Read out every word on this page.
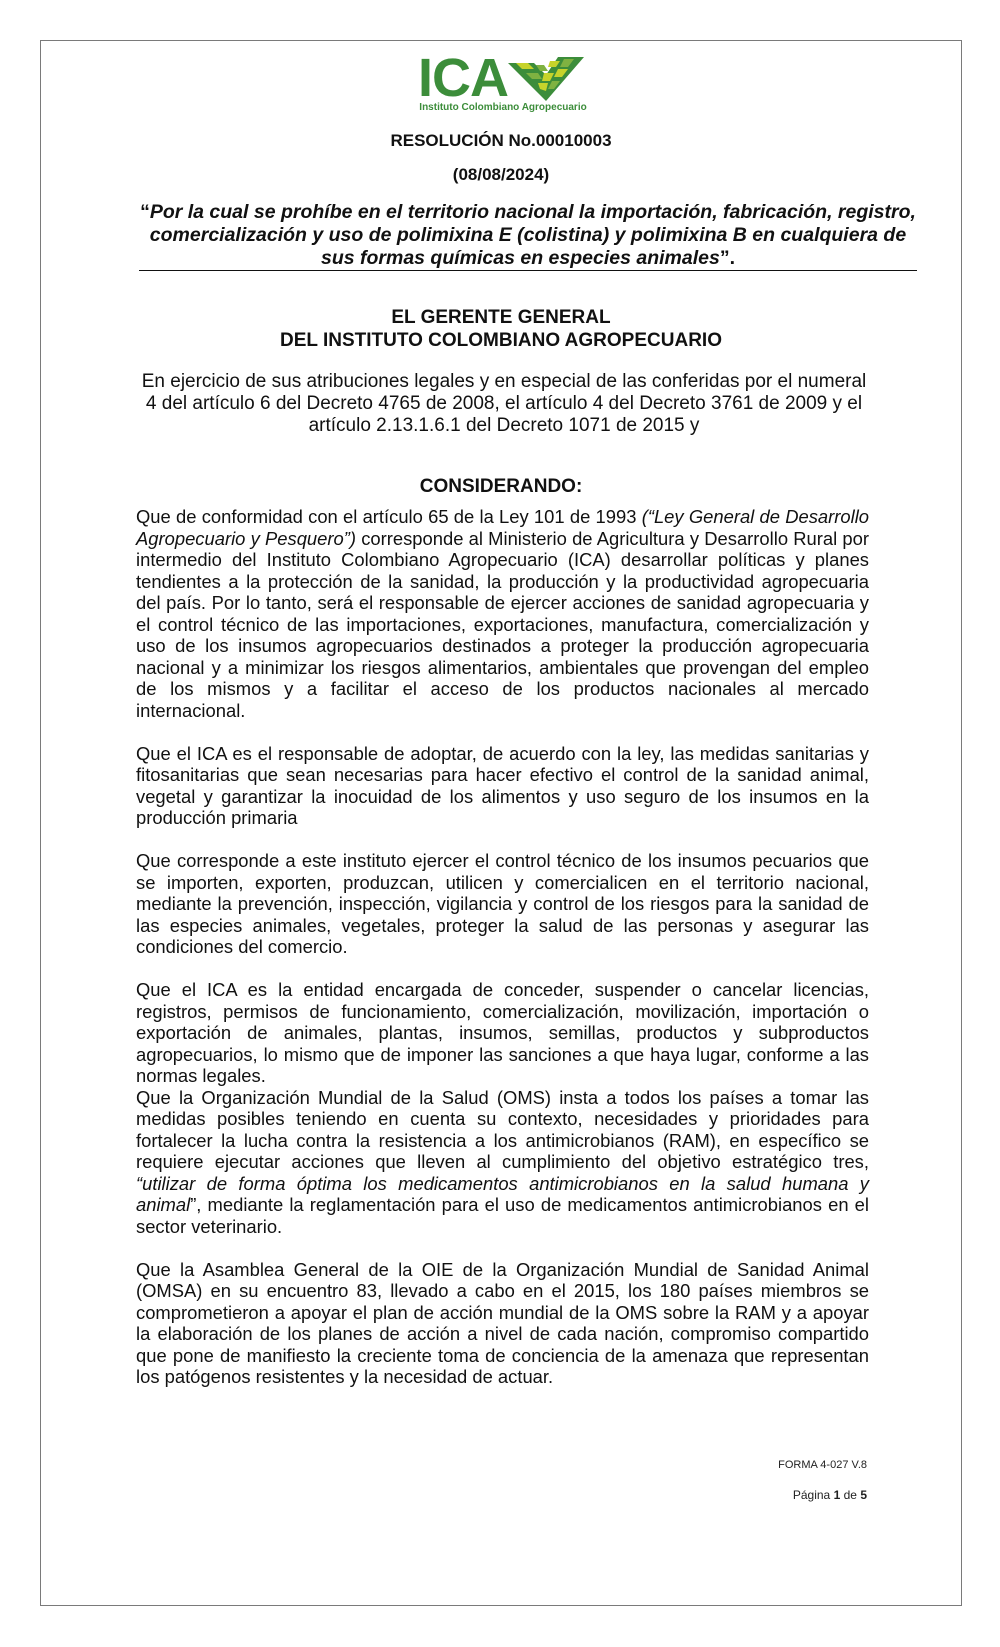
ICA
Instituto Colombiano Agropecuario
RESOLUCIÓN No.00010003
(08/08/2024)
“Por la cual se prohíbe en el territorio nacional la importación, fabricación, registro, comercialización y uso de polimixina E (colistina) y polimixina B en cualquiera de sus formas químicas en especies animales”.
EL GERENTE GENERAL
DEL INSTITUTO COLOMBIANO AGROPECUARIO
En ejercicio de sus atribuciones legales y en especial de las conferidas por el numeral 4 del artículo 6 del Decreto 4765 de 2008, el artículo 4 del Decreto 3761 de 2009 y el artículo 2.13.1.6.1 del Decreto 1071 de 2015 y
CONSIDERANDO:

Que de conformidad con el artículo 65 de la Ley 101 de 1993 (“Ley General de Desarrollo Agropecuario y Pesquero”) corresponde al Ministerio de Agricultura y Desarrollo Rural por intermedio del Instituto Colombiano Agropecuario (ICA) desarrollar políticas y planes tendientes a la protección de la sanidad, la producción y la productividad agropecuaria del país. Por lo tanto, será el responsable de ejercer acciones de sanidad agropecuaria y el control técnico de las importaciones, exportaciones, manufactura, comercialización y uso de los insumos agropecuarios destinados a proteger la producción agropecuaria nacional y a minimizar los riesgos alimentarios, ambientales que provengan del empleo de los mismos y a facilitar el acceso de los productos nacionales al mercado internacional.

Que el ICA es el responsable de adoptar, de acuerdo con la ley, las medidas sanitarias y fitosanitarias que sean necesarias para hacer efectivo el control de la sanidad animal, vegetal y garantizar la inocuidad de los alimentos y uso seguro de los insumos en la producción primaria

Que corresponde a este instituto ejercer el control técnico de los insumos pecuarios que se importen, exporten, produzcan, utilicen y comercialicen en el territorio nacional, mediante la prevención, inspección, vigilancia y control de los riesgos para la sanidad de las especies animales, vegetales, proteger la salud de las personas y asegurar las condiciones del comercio.

Que el ICA es la entidad encargada de conceder, suspender o cancelar licencias, registros, permisos de funcionamiento, comercialización, movilización, importación o exportación de animales, plantas, insumos, semillas, productos y subproductos agropecuarios, lo mismo que de imponer las sanciones a que haya lugar, conforme a las normas legales.

Que la Organización Mundial de la Salud (OMS) insta a todos los países a tomar las medidas posibles teniendo en cuenta su contexto, necesidades y prioridades para fortalecer la lucha contra la resistencia a los antimicrobianos (RAM), en específico se requiere ejecutar acciones que lleven al cumplimiento del objetivo estratégico tres, “utilizar de forma óptima los medicamentos antimicrobianos en la salud humana y animal”, mediante la reglamentación para el uso de medicamentos antimicrobianos en el sector veterinario.

Que la Asamblea General de la OIE de la Organización Mundial de Sanidad Animal (OMSA) en su encuentro 83, llevado a cabo en el 2015, los 180 países miembros se comprometieron a apoyar el plan de acción mundial de la OMS sobre la RAM y a apoyar la elaboración de los planes de acción a nivel de cada nación, compromiso compartido que pone de manifiesto la creciente toma de conciencia de la amenaza que representan los patógenos resistentes y la necesidad de actuar.

FORMA 4-027 V.8
Página 1 de 5
